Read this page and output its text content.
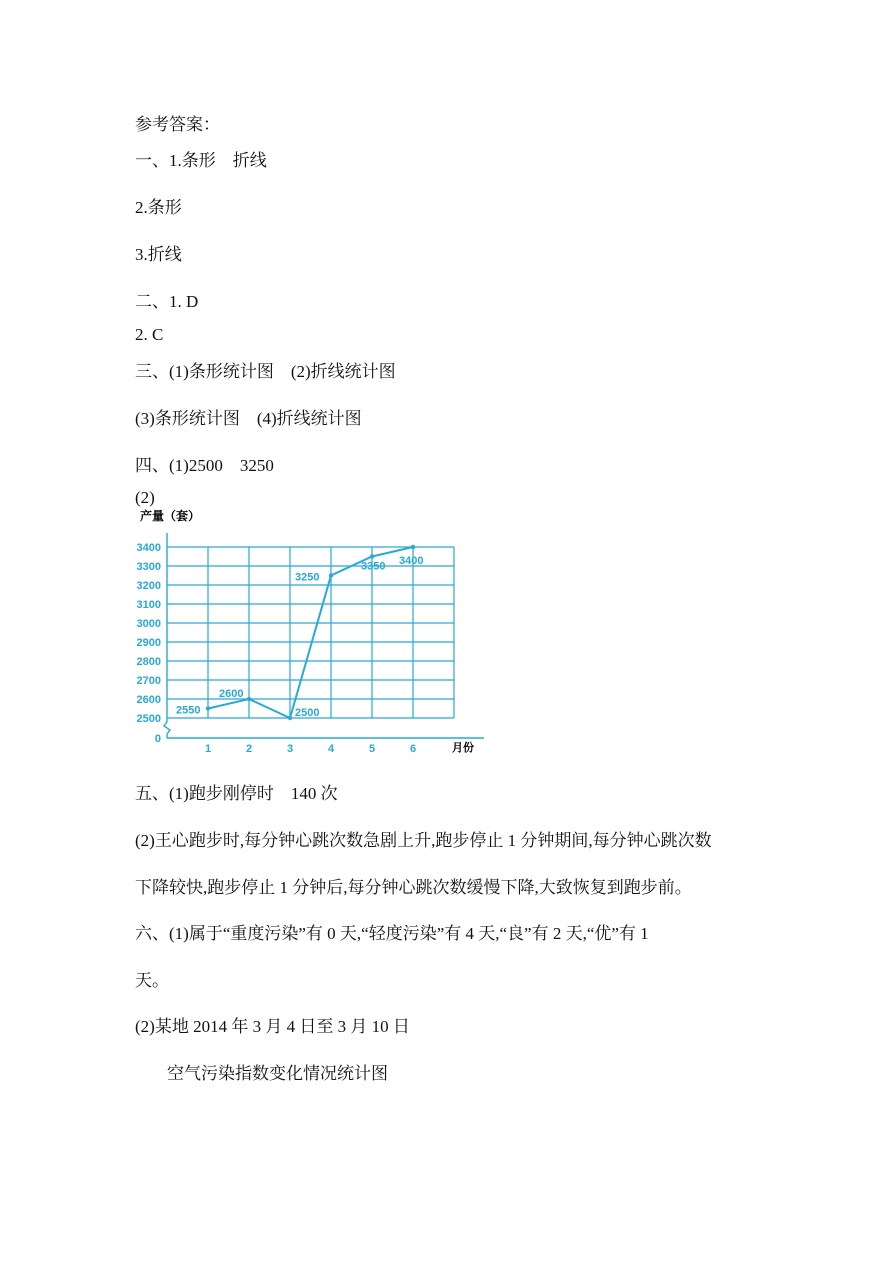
参考答案：
一、1.条形　折线
2.条形
3.折线
二、1. D
2. C
三、(1)条形统计图　(2)折线统计图
(3)条形统计图　(4)折线统计图
四、(1)2500　3250
(2)
产量（套）
月份
0
2500
2600
2700
2800
2900
3000
3100
3200
3300
3400
1	2	3	4	5	6
2550
2600
2500
3250
3350 3400
五、(1)跑步刚停时　140 次
(2)王心跑步时,每分钟心跳次数急剧上升,跑步停止 1 分钟期间,每分钟心跳次数
下降较快,跑步停止 1 分钟后,每分钟心跳次数缓慢下降,大致恢复到跑步前。
六、(1)属于“重度污染”有 0 天,“轻度污染”有 4 天,“良”有 2 天,“优”有 1
天。
(2)某地 2014 年 3 月 4 日至 3 月 10 日
空气污染指数变化情况统计图
